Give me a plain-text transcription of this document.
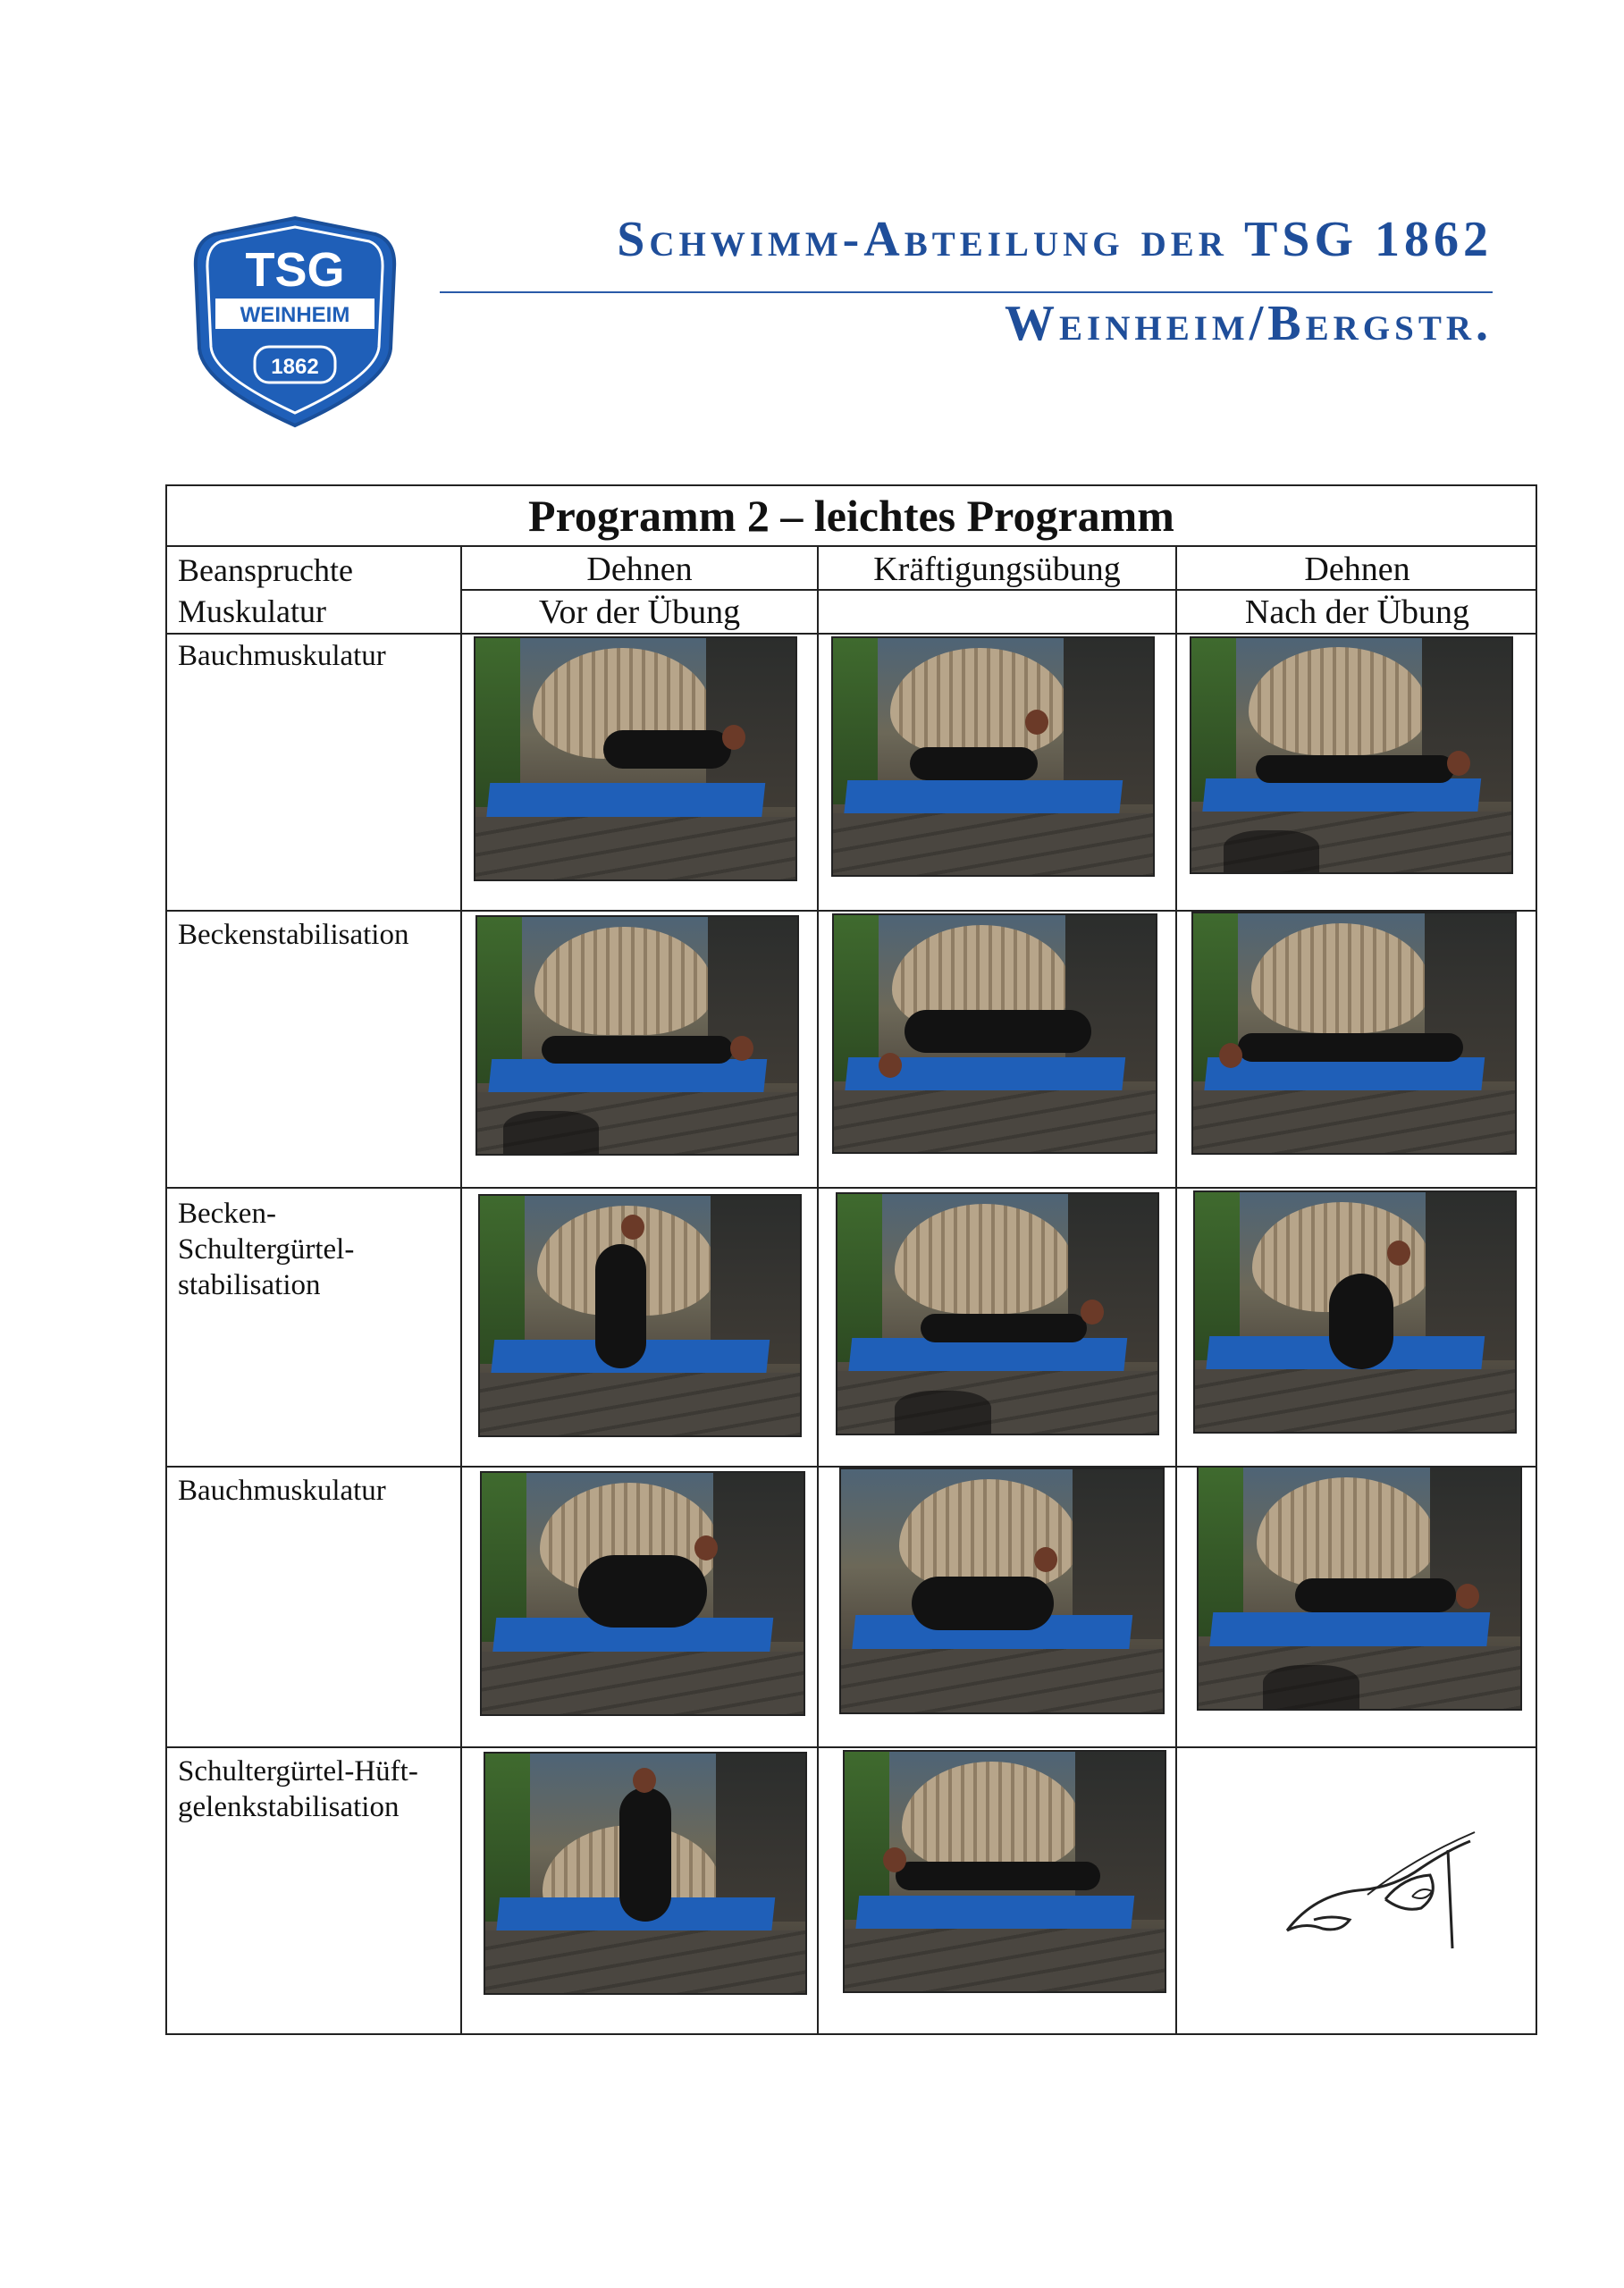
TSG
WEINHEIM
1862
Schwimm-Abteilung der TSG 1862
Weinheim/Bergstr.
Programm 2 – leichtes Programm
Beanspruchte
Muskulatur
Dehnen
Vor der Übung
Kräftigungsübung	Dehnen
Nach der Übung
Bauchmuskulatur
Beckenstabilisation
Becken-
Schultergürtel-
stabilisation
Bauchmuskulatur
Schultergürtel-Hüft-
gelenkstabilisation
